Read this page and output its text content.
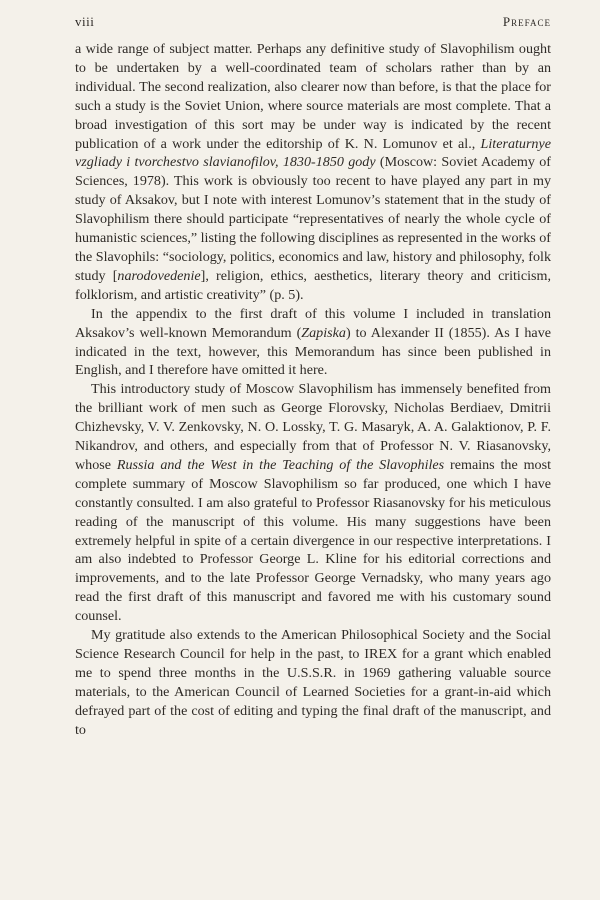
viii	Preface

a wide range of subject matter. Perhaps any definitive study of Slavophilism ought to be undertaken by a well-coordinated team of scholars rather than by an individual. The second realization, also clearer now than before, is that the place for such a study is the Soviet Union, where source materials are most complete. That a broad investigation of this sort may be under way is indicated by the recent publication of a work under the editorship of K. N. Lomunov et al., Literaturnye vzgliady i tvorchestvo slavianofilov, 1830-1850 gody (Moscow: Soviet Academy of Sciences, 1978). This work is obviously too recent to have played any part in my study of Aksakov, but I note with interest Lomunov’s statement that in the study of Slavophilism there should participate “representatives of nearly the whole cycle of humanistic sciences,” listing the following disciplines as represented in the works of the Slavophils: “sociology, politics, economics and law, history and philosophy, folk study [narodovedenie], religion, ethics, aesthetics, literary theory and criticism, folklorism, and artistic creativity” (p. 5).

In the appendix to the first draft of this volume I included in translation Aksakov’s well-known Memorandum (Zapiska) to Alexander II (1855). As I have indicated in the text, however, this Memorandum has since been published in English, and I therefore have omitted it here.

This introductory study of Moscow Slavophilism has immensely benefited from the brilliant work of men such as George Florovsky, Nicholas Berdiaev, Dmitrii Chizhevsky, V. V. Zenkovsky, N. O. Lossky, T. G. Masaryk, A. A. Galaktionov, P. F. Nikandrov, and others, and especially from that of Professor N. V. Riasanovsky, whose Russia and the West in the Teaching of the Slavophiles remains the most complete summary of Moscow Slavophilism so far produced, one which I have constantly consulted. I am also grateful to Professor Riasanovsky for his meticulous reading of the manuscript of this volume. His many suggestions have been extremely helpful in spite of a certain divergence in our respective interpretations. I am also indebted to Professor George L. Kline for his editorial corrections and improvements, and to the late Professor George Vernadsky, who many years ago read the first draft of this manuscript and favored me with his customary sound counsel.

My gratitude also extends to the American Philosophical Society and the Social Science Research Council for help in the past, to IREX for a grant which enabled me to spend three months in the U.S.S.R. in 1969 gathering valuable source materials, to the American Council of Learned Societies for a grant-in-aid which defrayed part of the cost of editing and typing the final draft of the manuscript, and to
